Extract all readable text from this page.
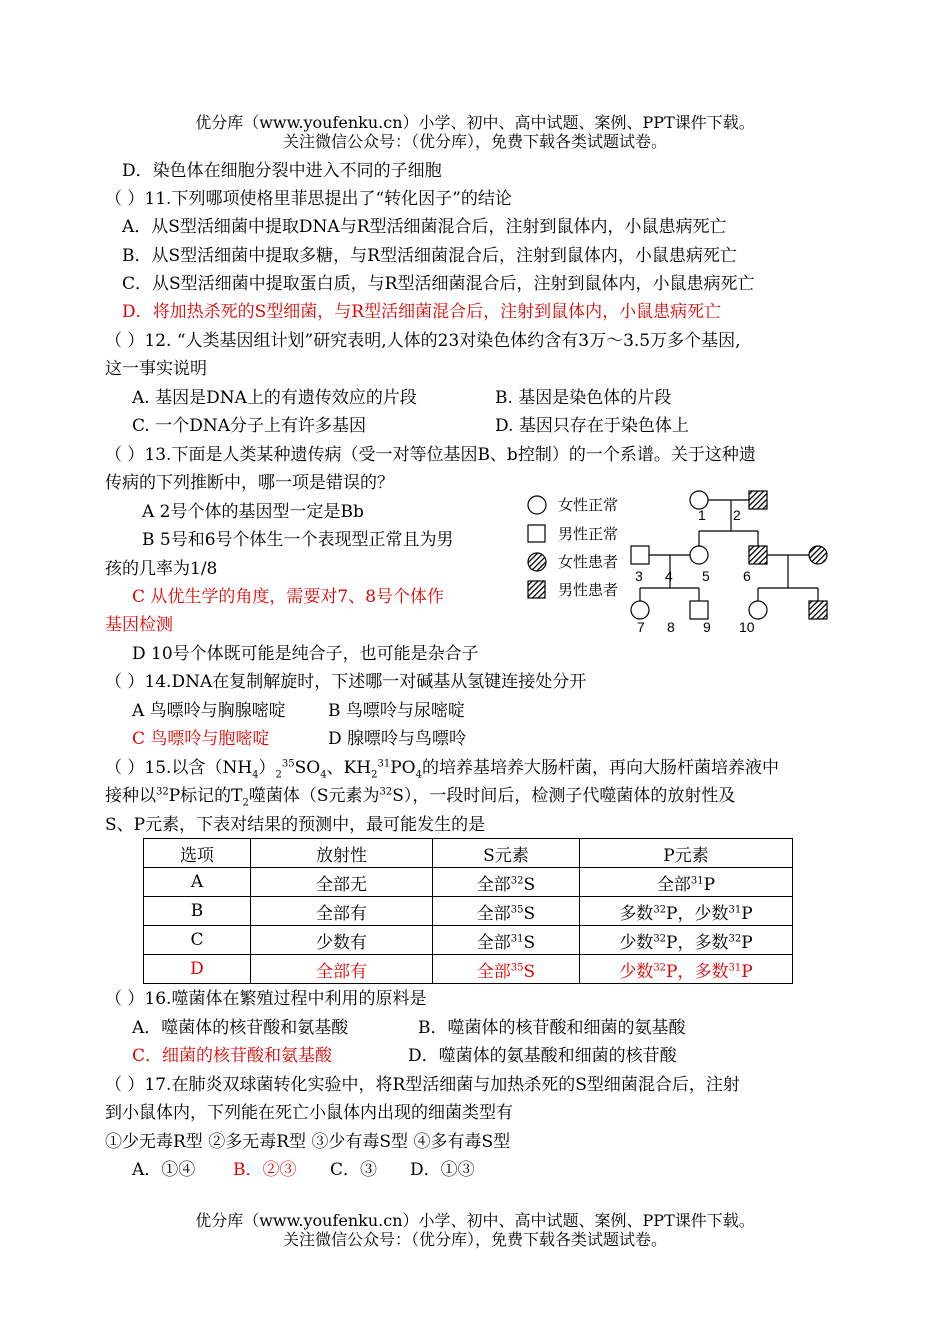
优分库（www.youfenku.cn）小学、初中、高中试题、案例、PPT课件下载。
关注微信公众号：（优分库），免费下载各类试题试卷。
D．染色体在细胞分裂中进入不同的子细胞
（ ）11.下列哪项使格里菲思提出了“转化因子”的结论
A．从S型活细菌中提取DNA与R型活细菌混合后，注射到鼠体内，小鼠患病死亡
B．从S型活细菌中提取多糖，与R型活细菌混合后，注射到鼠体内，小鼠患病死亡
C．从S型活细菌中提取蛋白质，与R型活细菌混合后，注射到鼠体内，小鼠患病死亡
D．将加热杀死的S型细菌，与R型活细菌混合后，注射到鼠体内，小鼠患病死亡
（ ）12. “人类基因组计划”研究表明,人体的23对染色体约含有3万～3.5万多个基因,
这一事实说明
A. 基因是DNA上的有遗传效应的片段	B. 基因是染色体的片段
C. 一个DNA分子上有许多基因	D. 基因只存在于染色体上
（ ）13.下面是人类某种遗传病（受一对等位基因B、b控制）的一个系谱。关于这种遗
传病的下列推断中，哪一项是错误的？
A 2号个体的基因型一定是Bb
B 5号和6号个体生一个表现型正常且为男
孩的几率为1/8
C 从优生学的角度，需要对7、8号个体作
基因检测
D 10号个体既可能是纯合子，也可能是杂合子
女性正常
男性正常
女性患者
男性患者
1 2
3 4 5 6
7 8 9 10
（ ）14.DNA在复制解旋时，下述哪一对碱基从氢键连接处分开
A 鸟嘌呤与胸腺嘧啶 B 鸟嘌呤与尿嘧啶
C 鸟嘌呤与胞嘧啶	D 腺嘌呤与鸟嘌呤
（ ）15.以含$(NH_4)_2^{35}SO_4$、$KH_2^{31}PO_4$的培养基培养大肠杆菌，再向大肠杆菌培养液中
接种以$^{32}$P标记的$T_2$噬菌体（S元素为$^{32}$S），一段时间后，检测子代噬菌体的放射性及
S、P元素，下表对结果的预测中，最可能发生的是
选项	放射性	S元素	P元素
A	全部无	全部$^{32}$S	全部$^{31}$P
B	全部有	全部$^{35}$S	多数$^{32}$P，少数$^{31}$P
C	少数有	全部$^{31}$S	少数$^{32}$P，多数$^{32}$P
D	全部有	全部$^{35}$S	少数$^{32}$P，多数$^{31}$P
（ ）16.噬菌体在繁殖过程中利用的原料是
A．噬菌体的核苷酸和氨基酸	B．噬菌体的核苷酸和细菌的氨基酸
C．细菌的核苷酸和氨基酸	D．噬菌体的氨基酸和细菌的核苷酸
（ ）17.在肺炎双球菌转化实验中，将R型活细菌与加热杀死的S型细菌混合后，注射
到小鼠体内，下列能在死亡小鼠体内出现的细菌类型有
①少无毒R型 ②多无毒R型 ③少有毒S型 ④多有毒S型
A．①④ B．②③ C．③ D．①③
优分库（www.youfenku.cn）小学、初中、高中试题、案例、PPT课件下载。
关注微信公众号：（优分库），免费下载各类试题试卷。
